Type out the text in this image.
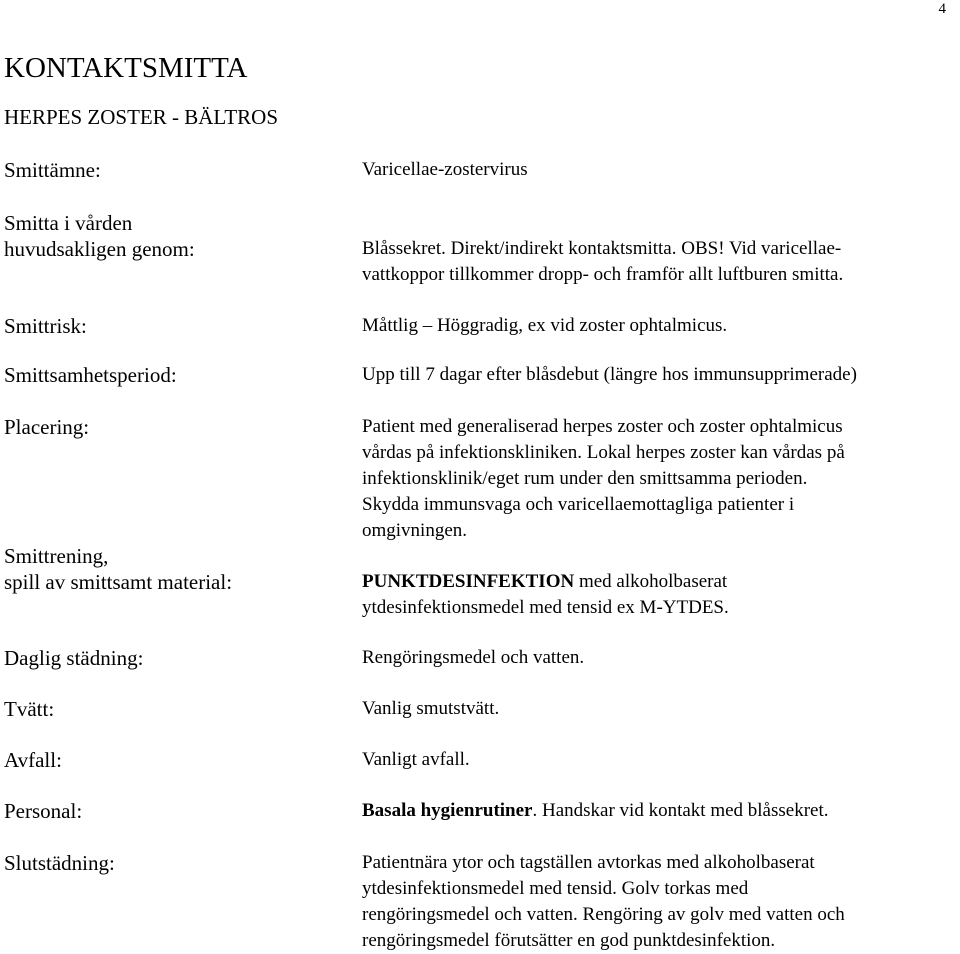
4
KONTAKTSMITTA
HERPES ZOSTER - BÄLTROS
Smittämne:	Varicellae-zostervirus
Smitta i vården
huvudsakligen genom:	Blåssekret. Direkt/indirekt kontaktsmitta. OBS! Vid varicellae-
vattkoppor tillkommer dropp- och framför allt luftburen smitta.
Smittrisk:	Måttlig – Höggradig, ex vid zoster ophtalmicus.
Smittsamhetsperiod:	Upp till 7 dagar efter blåsdebut (längre hos immunsupprimerade)
Placering:	Patient med generaliserad herpes zoster och zoster ophtalmicus
vårdas på infektionskliniken. Lokal herpes zoster kan vårdas på
infektionsklinik/eget rum under den smittsamma perioden.
Skydda immunsvaga och varicellaemottagliga patienter i
omgivningen.
Smittrening,
spill av smittsamt material:	PUNKTDESINFEKTION med alkoholbaserat
ytdesinfektionsmedel med tensid ex M-YTDES.
Daglig städning:	Rengöringsmedel och vatten.
Tvätt:	Vanlig smutstvätt.
Avfall:	Vanligt avfall.
Personal:	Basala hygienrutiner. Handskar vid kontakt med blåssekret.
Slutstädning:	Patientnära ytor och tagställen avtorkas med alkoholbaserat
ytdesinfektionsmedel med tensid. Golv torkas med
rengöringsmedel och vatten. Rengöring av golv med vatten och
rengöringsmedel förutsätter en god punktdesinfektion.
